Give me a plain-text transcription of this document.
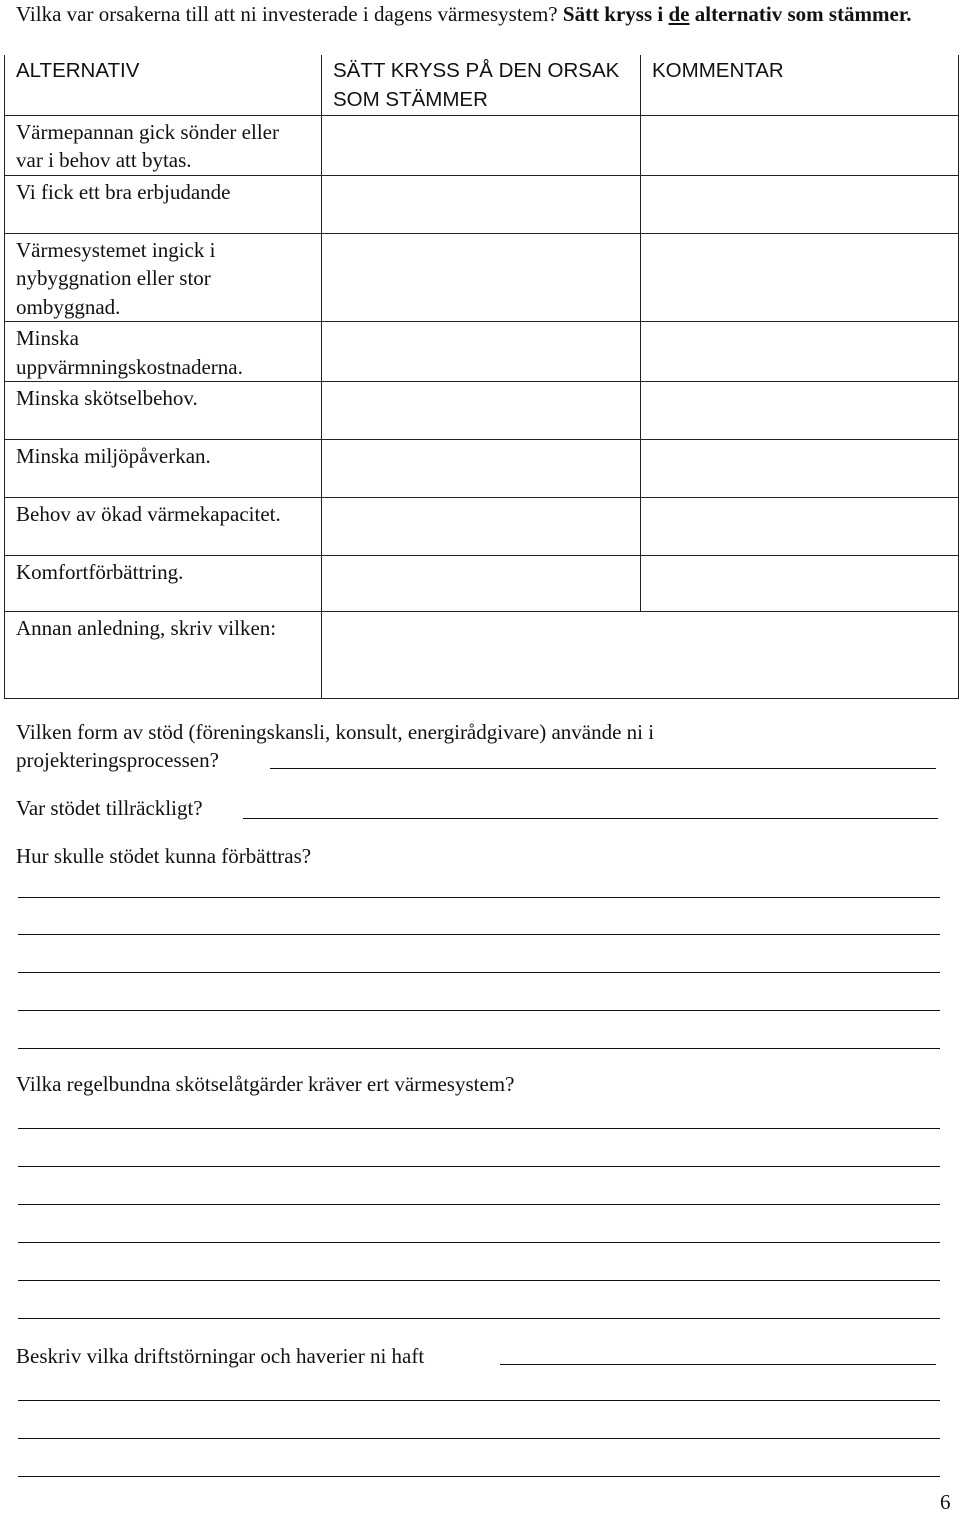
Vilka var orsakerna till att ni investerade i dagens värmesystem? Sätt kryss i de alternativ som stämmer.
ALTERNATIV	SÄTT KRYSS PÅ DEN ORSAK SOM STÄMMER	KOMMENTAR
Värmepannan gick sönder eller var i behov att bytas.		
Vi fick ett bra erbjudande		
Värmesystemet ingick i nybyggnation eller stor ombyggnad.		
Minska uppvärmningskostnaderna.		
Minska skötselbehov.		
Minska miljöpåverkan.		
Behov av ökad värmekapacitet.		
Komfortförbättring.		
Annan anledning, skriv vilken:		
Vilken form av stöd (föreningskansli, konsult, energirådgivare) använde ni i
projekteringsprocessen?
Var stödet tillräckligt?
Hur skulle stödet kunna förbättras?
Vilka regelbundna skötselåtgärder kräver ert värmesystem?
Beskriv vilka driftstörningar och haverier ni haft
6
